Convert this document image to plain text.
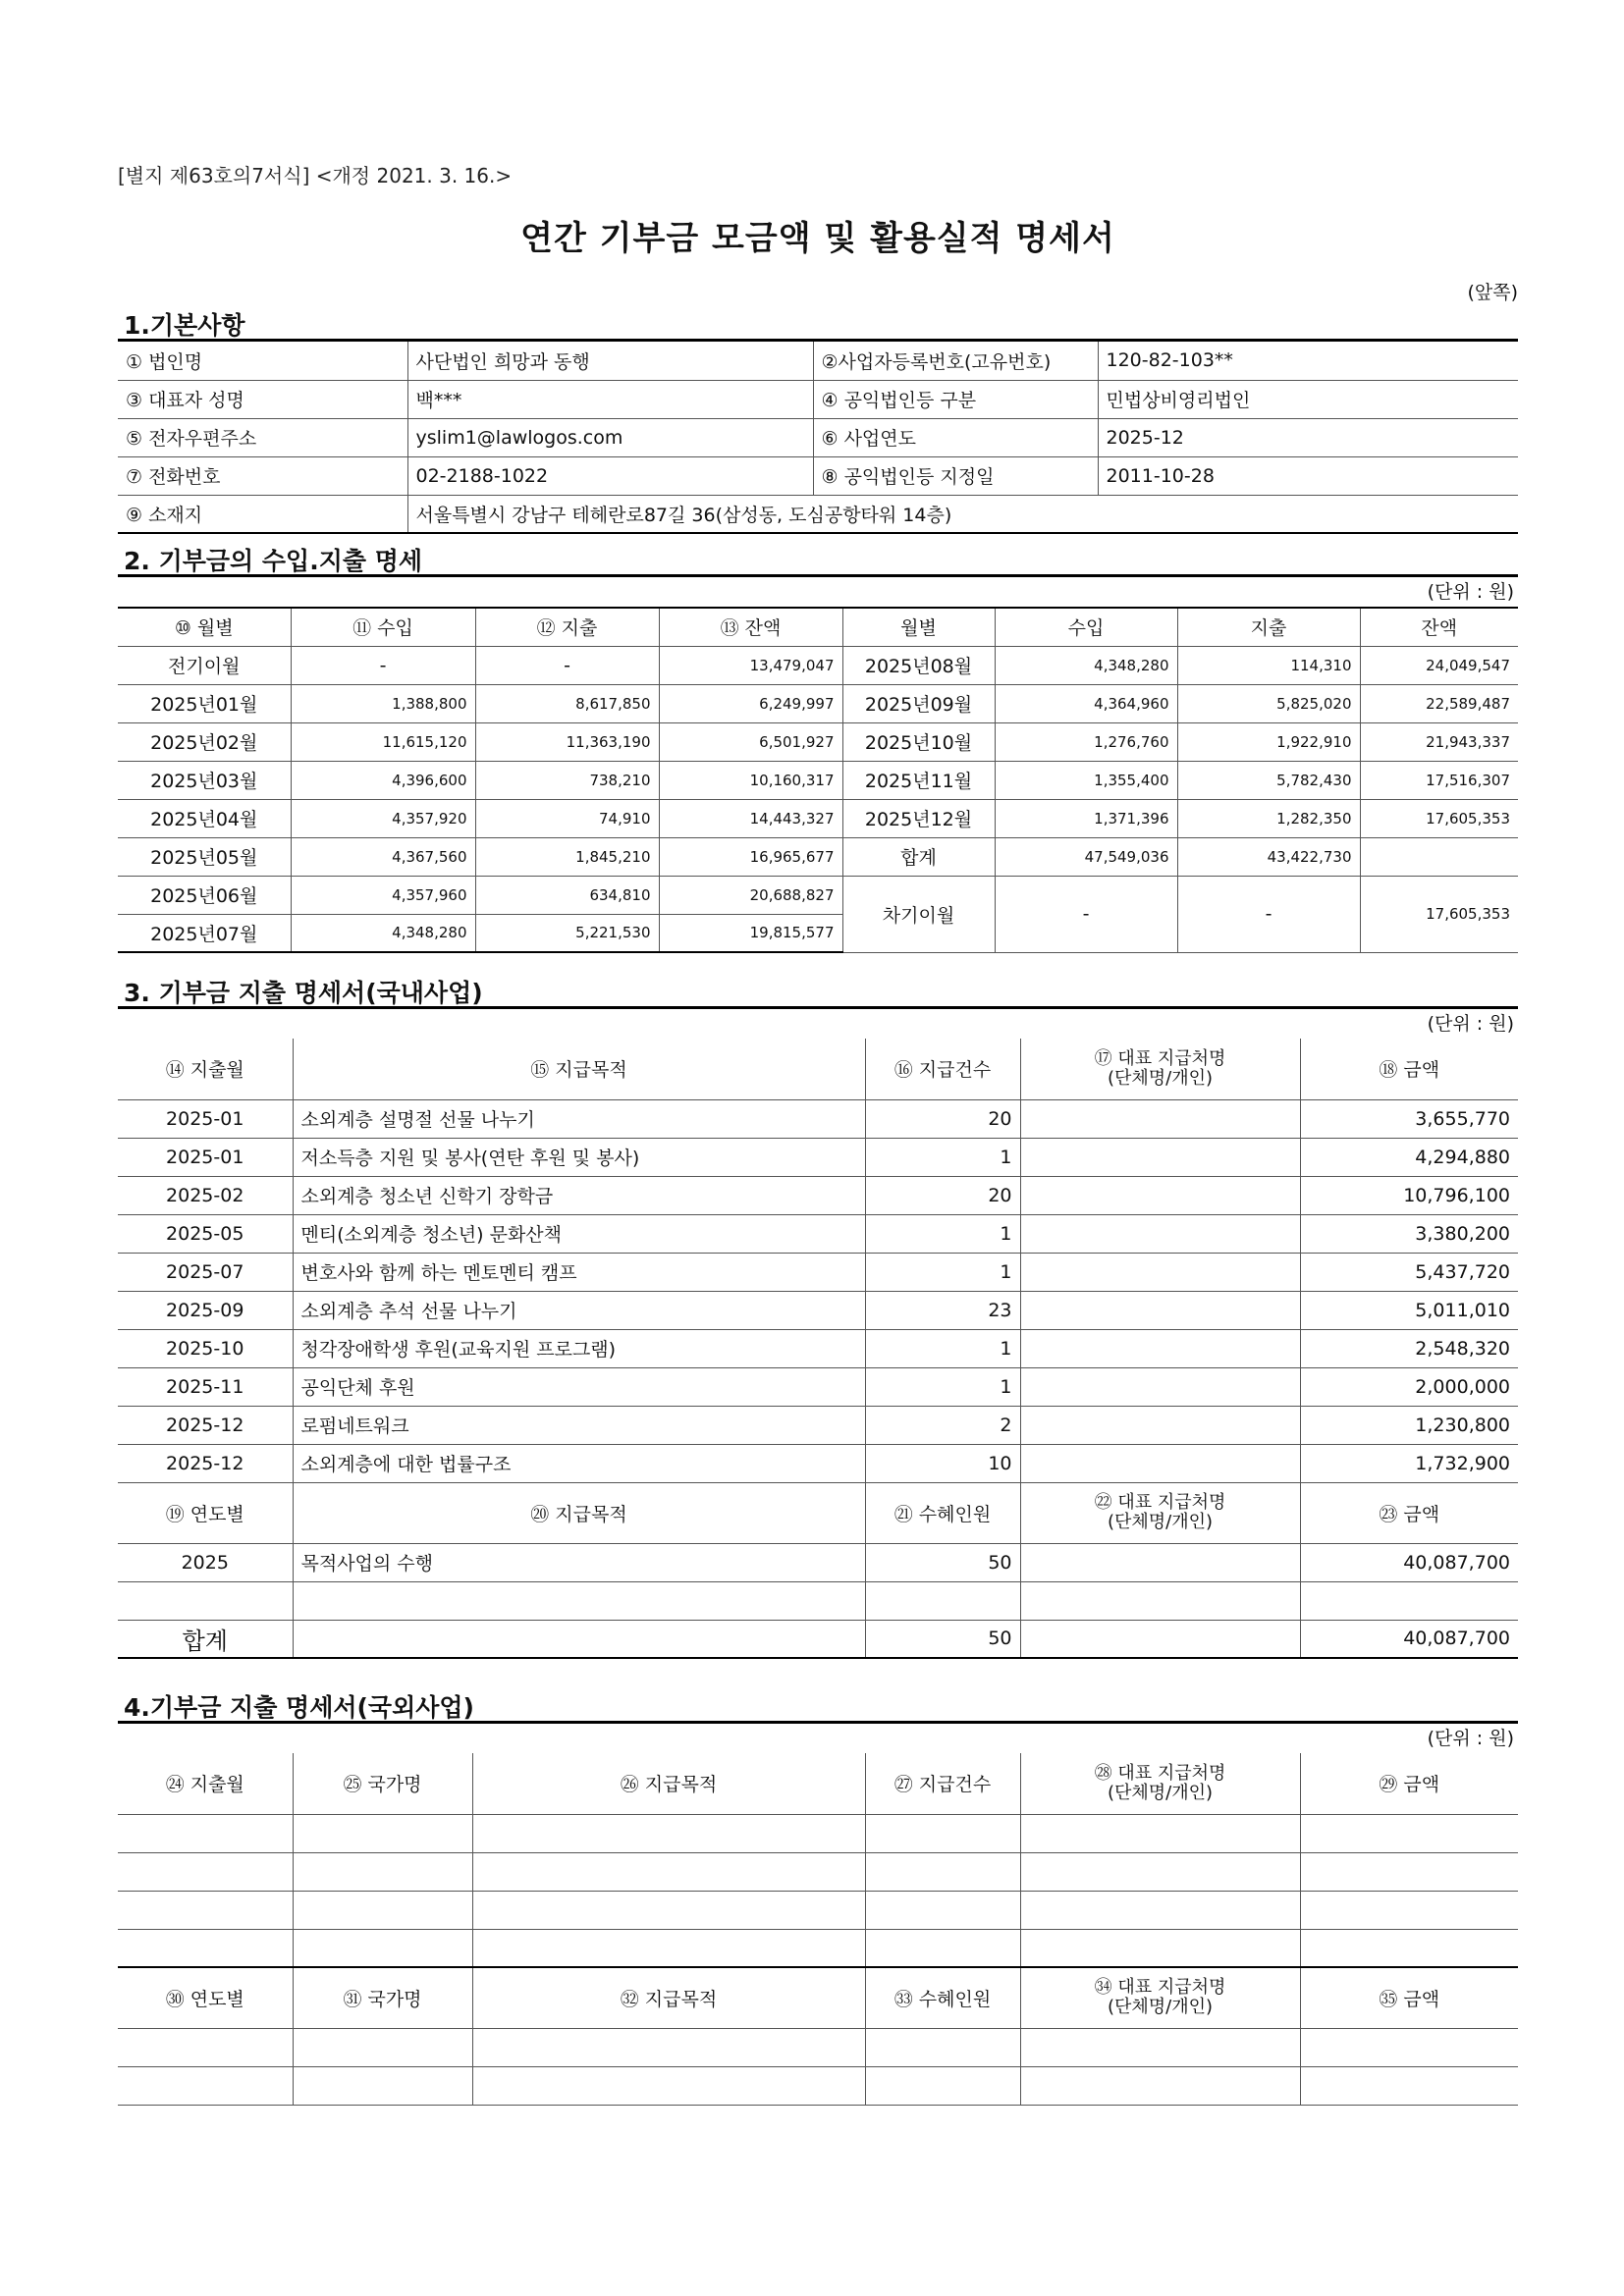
[별지 제63호의7서식] <개정 2021. 3. 16.>
연간 기부금 모금액 및 활용실적 명세서
(앞쪽)
1.기본사항
① 법인명	사단법인 희망과 동행	②사업자등록번호(고유번호)	120-82-103**
③ 대표자 성명	백***	④ 공익법인등 구분	민법상비영리법인
⑤ 전자우편주소	yslim1@lawlogos.com	⑥ 사업연도	2025-12
⑦ 전화번호	02-2188-1022	⑧ 공익법인등 지정일	2011-10-28
⑨ 소재지	서울특별시 강남구 테헤란로87길 36(삼성동, 도심공항타워 14층)		
2. 기부금의 수입.지출 명세
(단위 : 원)
⑩ 월별	⑪ 수입	⑫ 지출	⑬ 잔액	월별	수입	지출	잔액
전기이월	-	-	13,479,047	2025년08월	4,348,280	114,310	24,049,547
2025년01월	1,388,800	8,617,850	6,249,997	2025년09월	4,364,960	5,825,020	22,589,487
2025년02월	11,615,120	11,363,190	6,501,927	2025년10월	1,276,760	1,922,910	21,943,337
2025년03월	4,396,600	738,210	10,160,317	2025년11월	1,355,400	5,782,430	17,516,307
2025년04월	4,357,920	74,910	14,443,327	2025년12월	1,371,396	1,282,350	17,605,353
2025년05월	4,367,560	1,845,210	16,965,677	합계	47,549,036	43,422,730	
2025년06월	4,357,960	634,810	20,688,827	차기이월	-	-	17,605,353
2025년07월	4,348,280	5,221,530	19,815,577				
3. 기부금 지출 명세서(국내사업)
(단위 : 원)
⑭ 지출월	⑮ 지급목적	⑯ 지급건수	⑰ 대표 지급처명
(단체명/개인)	⑱ 금액
2025-01	소외계층 설명절 선물 나누기	20		3,655,770
2025-01	저소득층 지원 및 봉사(연탄 후원 및 봉사)	1		4,294,880
2025-02	소외계층 청소년 신학기 장학금	20		10,796,100
2025-05	멘티(소외계층 청소년) 문화산책	1		3,380,200
2025-07	변호사와 함께 하는 멘토멘티 캠프	1		5,437,720
2025-09	소외계층 추석 선물 나누기	23		5,011,010
2025-10	청각장애학생 후원(교육지원 프로그램)	1		2,548,320
2025-11	공익단체 후원	1		2,000,000
2025-12	로펌네트워크	2		1,230,800
2025-12	소외계층에 대한 법률구조	10		1,732,900
⑲ 연도별	⑳ 지급목적	㉑ 수혜인원	㉒ 대표 지급처명
(단체명/개인)	㉓ 금액
2025	목적사업의 수행	50		40,087,700

합계		50		40,087,700
4.기부금 지출 명세서(국외사업)
(단위 : 원)
㉔ 지출월	㉕ 국가명	㉖ 지급목적	㉗ 지급건수	㉘ 대표 지급처명
(단체명/개인)	㉙ 금액

㉚ 연도별	㉛ 국가명	㉜ 지급목적	㉝ 수혜인원	㉞ 대표 지급처명
(단체명/개인)	㉟ 금액
